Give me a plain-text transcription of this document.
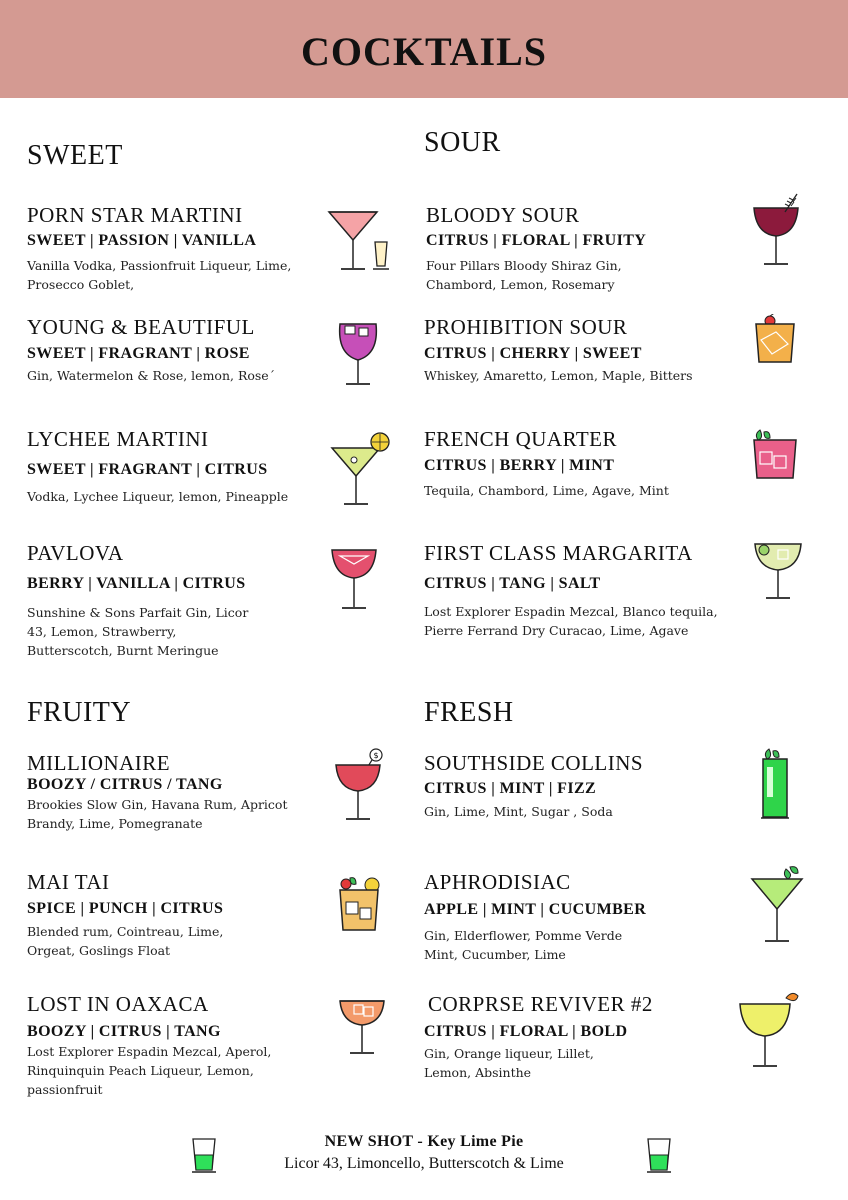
COCKTAILS
SWEET	SOUR
FRUITY	FRESH
PORN STAR MARTINI
SWEET | PASSION | VANILLA
Vanilla Vodka, Passionfruit Liqueur, Lime, Prosecco Goblet,
YOUNG & BEAUTIFUL
SWEET | FRAGRANT | ROSE
Gin, Watermelon & Rose, lemon, Rose´
LYCHEE MARTINI
SWEET | FRAGRANT | CITRUS
Vodka, Lychee Liqueur, lemon, Pineapple
PAVLOVA
BERRY | VANILLA | CITRUS
Sunshine & Sons Parfait Gin, Licor 43, Lemon, Strawberry, Butterscotch, Burnt Meringue
BLOODY SOUR
CITRUS | FLORAL | FRUITY
Four Pillars Bloody Shiraz Gin, Chambord, Lemon, Rosemary
PROHIBITION SOUR
CITRUS | CHERRY | SWEET
Whiskey, Amaretto, Lemon, Maple, Bitters
FRENCH QUARTER
CITRUS | BERRY | MINT
Tequila, Chambord, Lime, Agave, Mint
FIRST CLASS MARGARITA
CITRUS | TANG | SALT
Lost Explorer Espadin Mezcal, Blanco tequila, Pierre Ferrand Dry Curacao, Lime, Agave
MILLIONAIRE
BOOZY / CITRUS / TANG
Brookies Slow Gin, Havana Rum, Apricot Brandy, Lime, Pomegranate
$
MAI TAI
SPICE | PUNCH | CITRUS
Blended rum, Cointreau, Lime, Orgeat, Goslings Float
LOST IN OAXACA
BOOZY | CITRUS | TANG
Lost Explorer Espadin Mezcal, Aperol, Rinquinquin Peach Liqueur, Lemon, passionfruit
SOUTHSIDE COLLINS
CITRUS | MINT | FIZZ
Gin, Lime, Mint, Sugar , Soda
APHRODISIAC
APPLE | MINT | CUCUMBER
Gin, Elderflower, Pomme Verde Mint, Cucumber, Lime
CORPRSE REVIVER #2
CITRUS | FLORAL | BOLD
Gin, Orange liqueur, Lillet, Lemon, Absinthe
NEW SHOT - Key Lime Pie
Licor 43, Limoncello, Butterscotch & Lime
